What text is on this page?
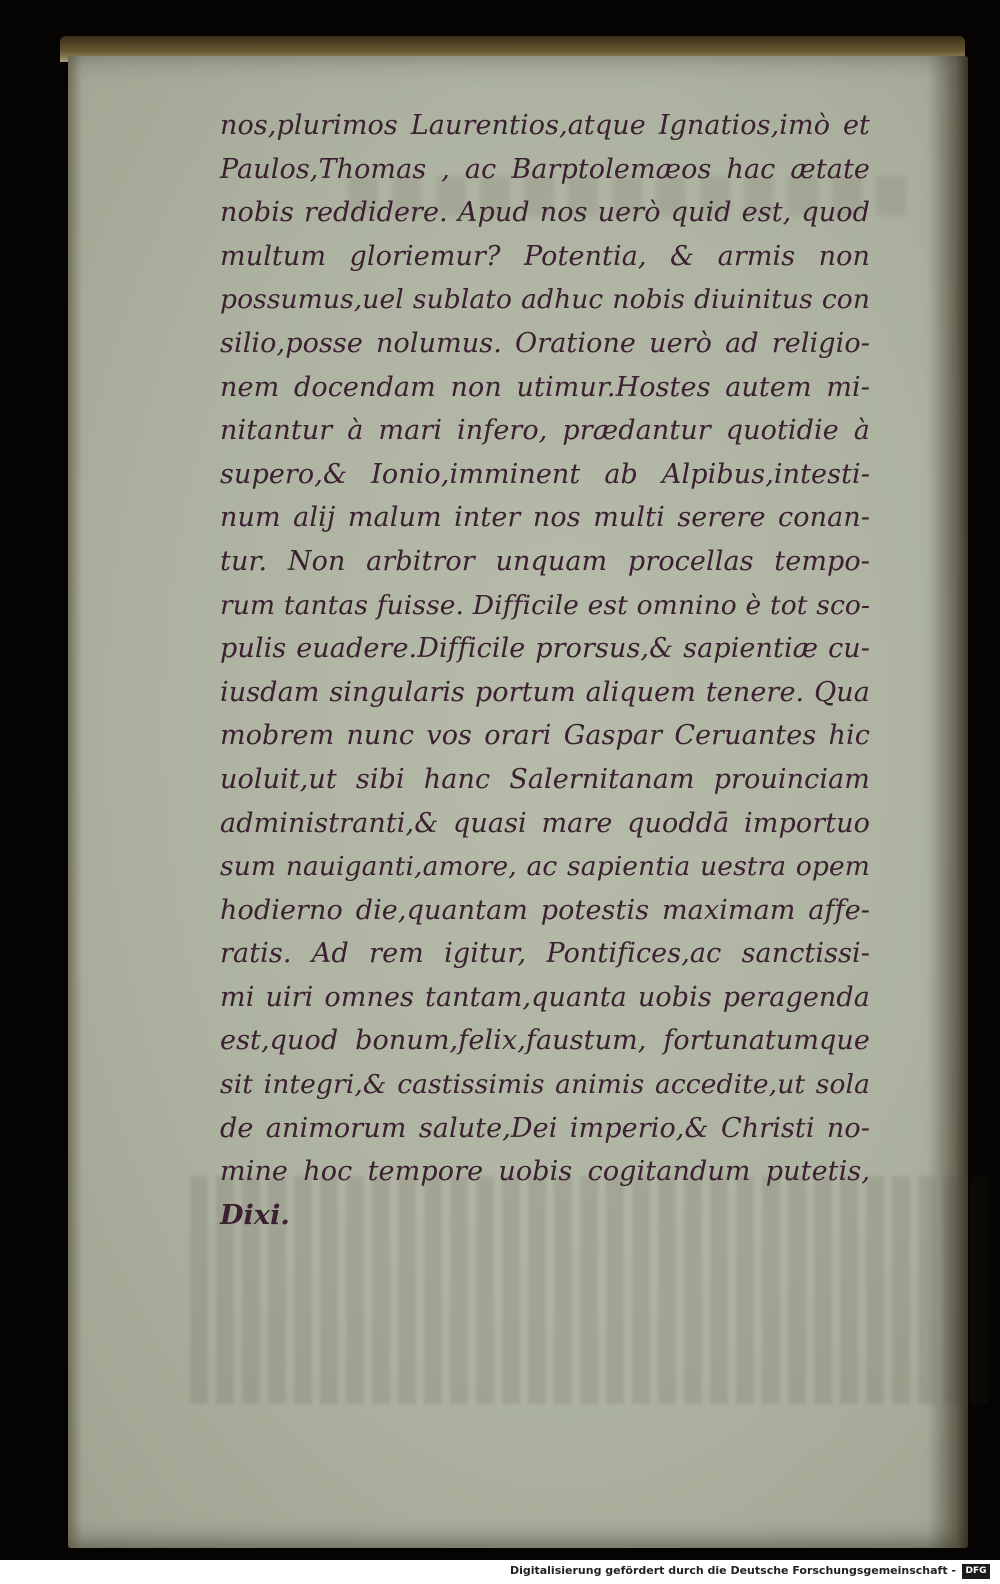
nos,plurimos Laurentios,atque Ignatios,imò et
Paulos,Thomas , ac Barptolemæos hac ætate
nobis reddidere. Apud nos uerò quid est, quod
multum gloriemur? Potentia, & armis non
possumus,uel sublato adhuc nobis diuinitus con
silio,posse nolumus. Oratione uerò ad religio-
nem docendam non utimur.Hostes autem mi-
nitantur à mari infero, prædantur quotidie à
supero,& Ionio,imminent ab Alpibus,intesti-
num alij malum inter nos multi serere conan-
tur. Non arbitror unquam procellas tempo-
rum tantas fuisse. Difficile est omnino è tot sco-
pulis euadere.Difficile prorsus,& sapientiæ cu-
iusdam singularis portum aliquem tenere. Qua
mobrem nunc vos orari Gaspar Ceruantes hic
uoluit,ut sibi hanc Salernitanam prouinciam
administranti,& quasi mare quoddā importuo
sum nauiganti,amore, ac sapientia uestra opem
hodierno die,quantam potestis maximam affe-
ratis. Ad rem igitur, Pontifices,ac sanctissi-
mi uiri omnes tantam,quanta uobis peragenda
est,quod bonum,felix,faustum, fortunatumque
sit integri,& castissimis animis accedite,ut sola
de animorum salute,Dei imperio,& Christi no-
mine hoc tempore uobis cogitandum putetis,
Dixi.
Digitalisierung gefördert durch die Deutsche Forschungsgemeinschaft -	DFG
